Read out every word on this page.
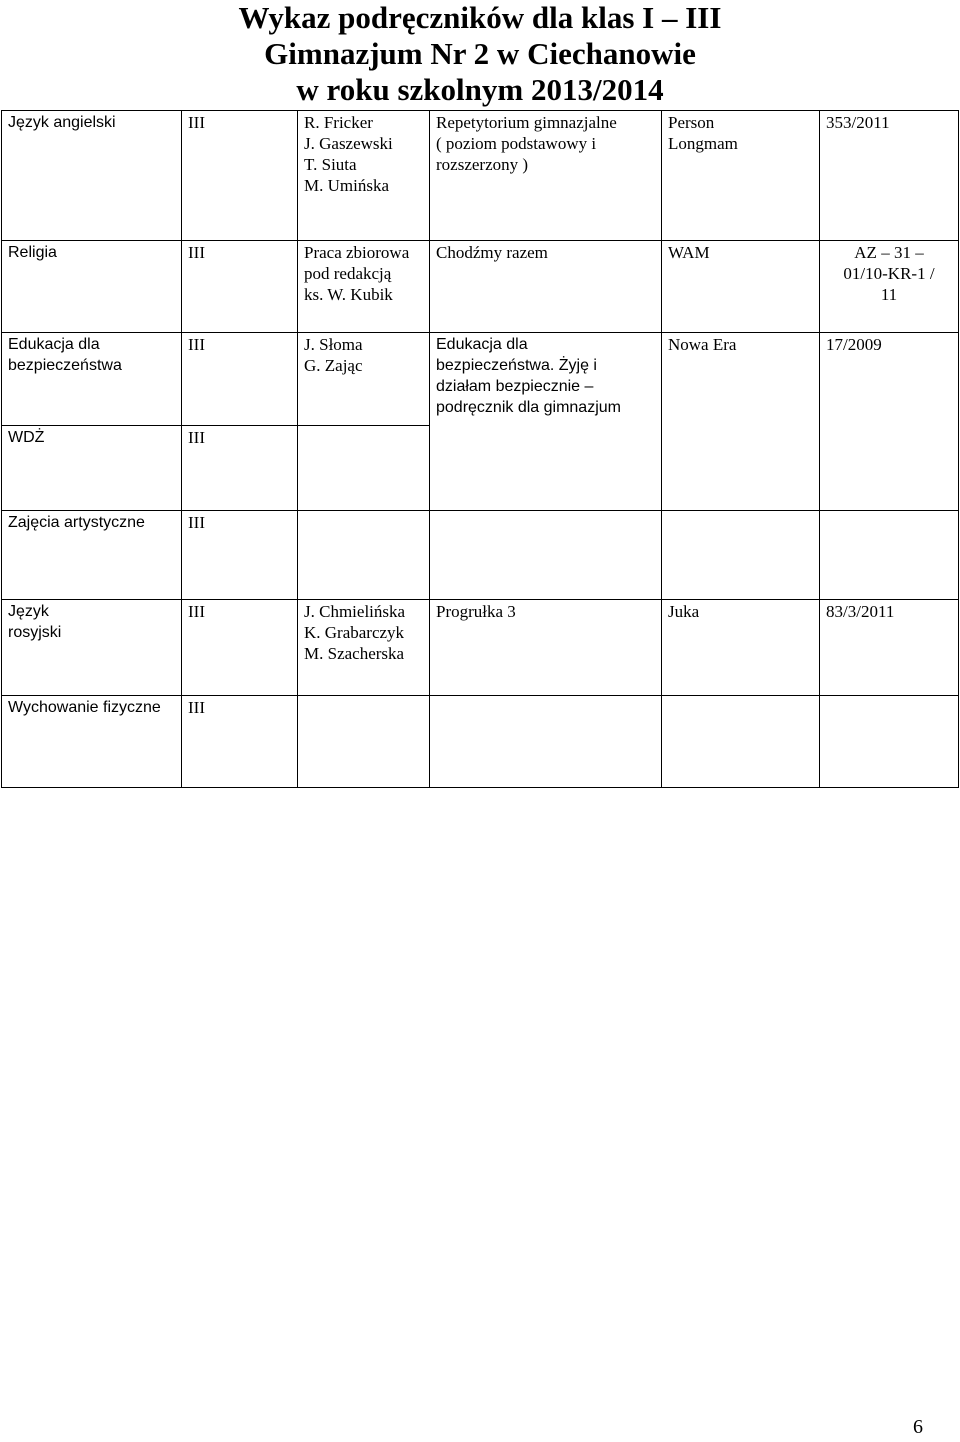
Wykaz podręczników dla klas I – III
Gimnazjum Nr 2 w Ciechanowie
w roku szkolnym 2013/2014
Język angielski	III	R. Fricker
J. Gaszewski
T. Siuta
M. Umińska	Repetytorium gimnazjalne
( poziom podstawowy i
rozszerzony )	Person
Longmam	353/2011

Religia	III	Praca zbiorowa
pod redakcją
ks. W. Kubik	Chodźmy razem	WAM	AZ – 31 –
01/10-KR-1 /
11

Edukacja dla
bezpieczeństwa	III	J. Słoma
G. Zając	Edukacja dla
bezpieczeństwa. Żyję i
działam bezpiecznie –
podręcznik dla gimnazjum	Nowa Era	17/2009

WDŻ	III				
Zajęcia artystyczne	III				

Język
rosyjski	III	J. Chmielińska
K. Grabarczyk
M. Szacherska	Progrułka 3	Juka	83/3/2011

Wychowanie fizyczne	III				
6
